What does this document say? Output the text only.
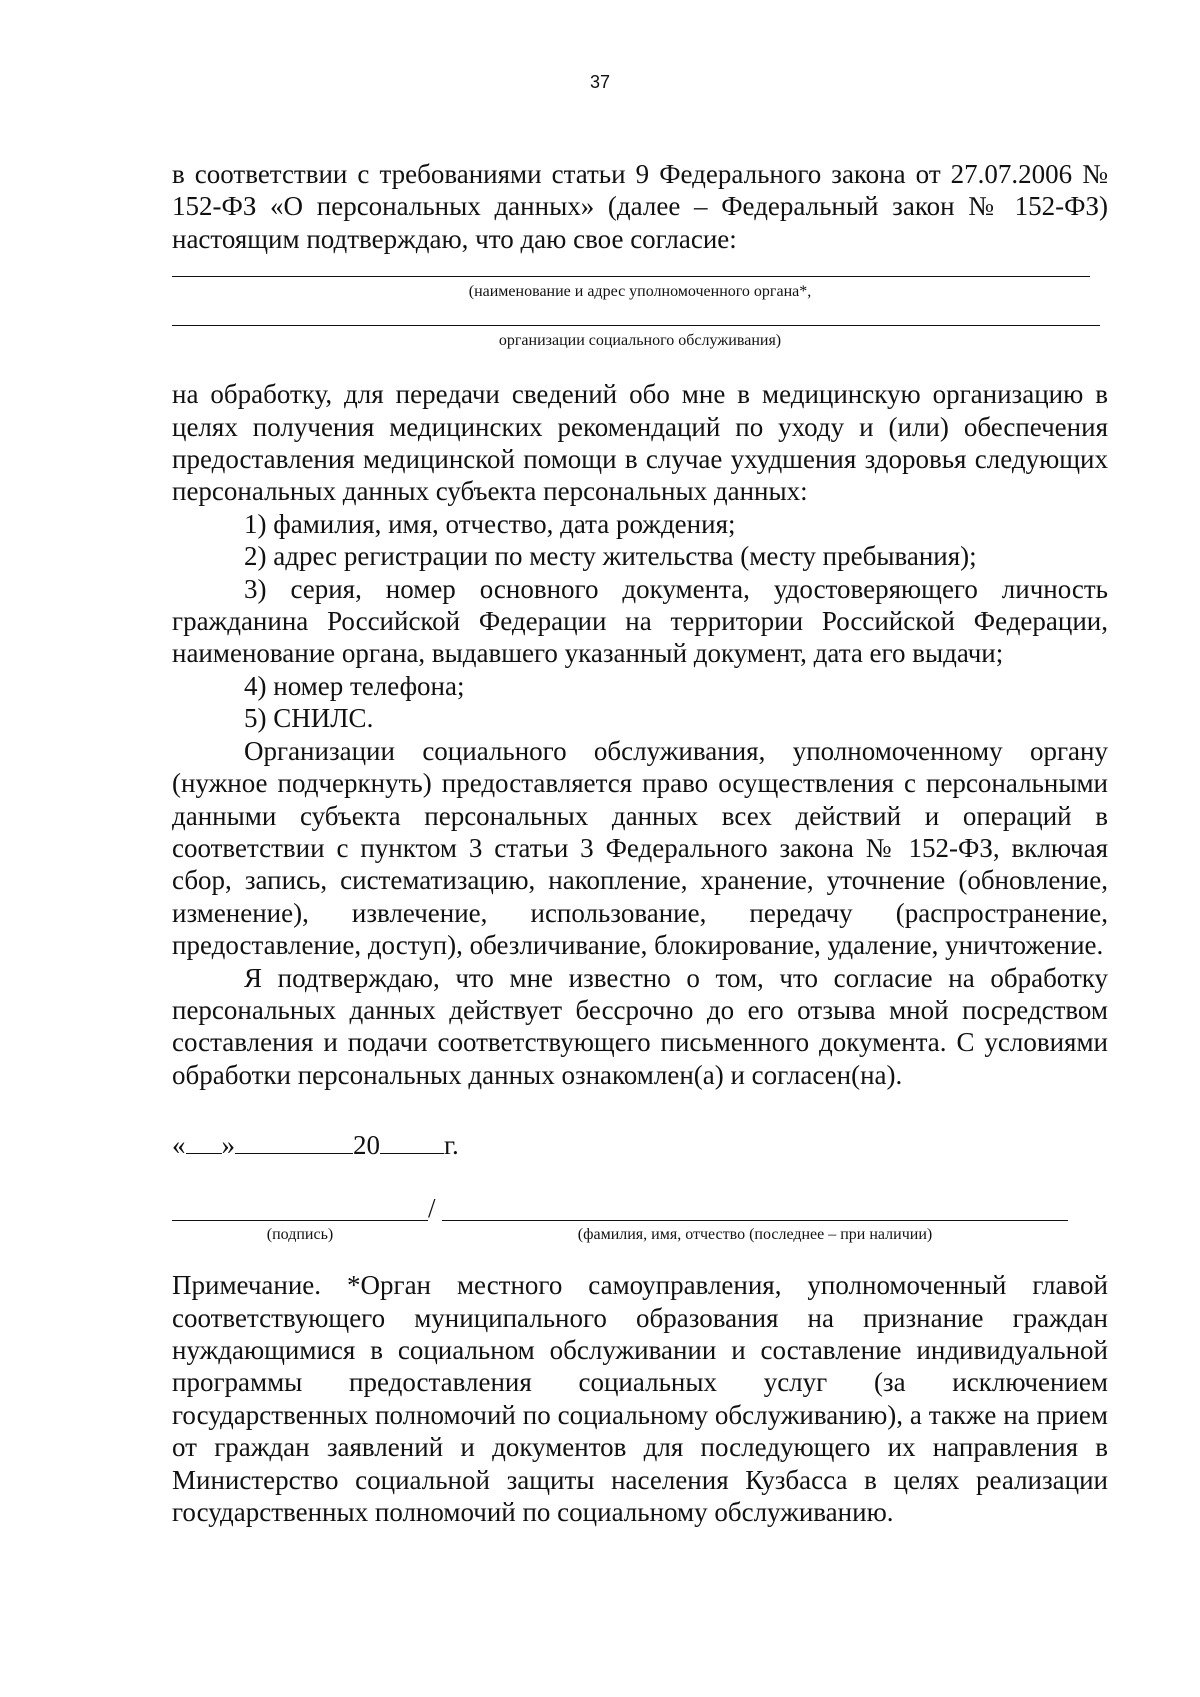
37

в соответствии с требованиями статьи 9 Федерального закона от 27.07.2006 № 152-ФЗ «О персональных данных» (далее – Федеральный закон № 152-ФЗ) настоящим подтверждаю, что даю свое согласие:

(наименование и адрес уполномоченного органа*,
организации социального обслуживания)

на обработку, для передачи сведений обо мне в медицинскую организацию в целях получения медицинских рекомендаций по уходу и (или) обеспечения предоставления медицинской помощи в случае ухудшения здоровья следующих персональных данных субъекта персональных данных:

1) фамилия, имя, отчество, дата рождения;

2) адрес регистрации по месту жительства (месту пребывания);

3) серия, номер основного документа, удостоверяющего личность гражданина Российской Федерации на территории Российской Федерации, наименование органа, выдавшего указанный документ, дата его выдачи;

4) номер телефона;

5) СНИЛС.

Организации социального обслуживания, уполномоченному органу (нужное подчеркнуть) предоставляется право осуществления с персональными данными субъекта персональных данных всех действий и операций в соответствии с пунктом 3 статьи 3 Федерального закона № 152-ФЗ, включая сбор, запись, систематизацию, накопление, хранение, уточнение (обновление, изменение), извлечение, использование, передачу (распространение, предоставление, доступ), обезличивание, блокирование, удаление, уничтожение.

Я подтверждаю, что мне известно о том, что согласие на обработку персональных данных действует бессрочно до его отзыва мной посредством составления и подачи соответствующего письменного документа. С условиями обработки персональных данных ознакомлен(а) и согласен(на).

« »	20 г.

/
(подпись)	(фамилия, имя, отчество (последнее – при наличии)

Примечание. *Орган местного самоуправления, уполномоченный главой соответствующего муниципального образования на признание граждан нуждающимися в социальном обслуживании и составление индивидуальной программы предоставления социальных услуг (за исключением государственных полномочий по социальному обслуживанию), а также на прием от граждан заявлений и документов для последующего их направления в Министерство социальной защиты населения Кузбасса в целях реализации государственных полномочий по социальному обслуживанию.
